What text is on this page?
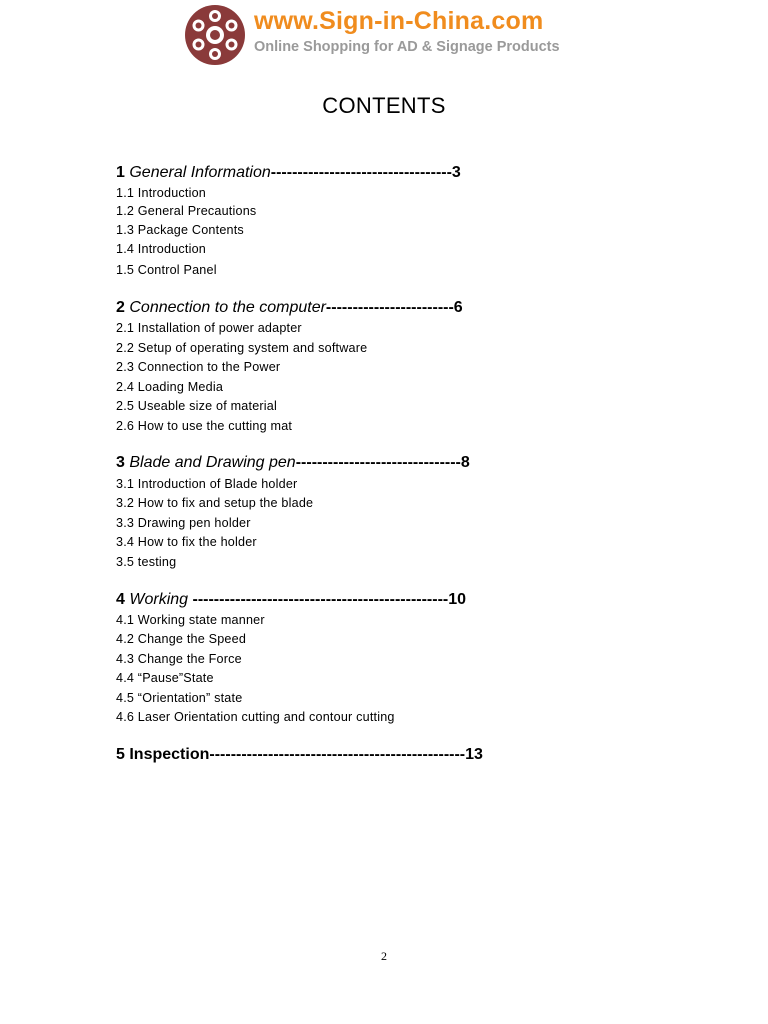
www.Sign-in-China.com
Online Shopping for AD & Signage Products
CONTENTS
1 General Information----------------------------------3
1.1 Introduction
1.2 General Precautions
1.3 Package Contents
1.4 Introduction
1.5 Control Panel
2 Connection to the computer------------------------6
2.1 Installation of power adapter
2.2 Setup of operating system and software
2.3 Connection to the Power
2.4 Loading Media
2.5 Useable size of material
2.6 How to use the cutting mat
3 Blade and Drawing pen-------------------------------8
3.1 Introduction of Blade holder
3.2 How to fix and setup the blade
3.3 Drawing pen holder
3.4 How to fix the holder
3.5 testing
4 Working ------------------------------------------------10
4.1 Working state manner
4.2 Change the Speed
4.3 Change the Force
4.4 “Pause”State
4.5 “Orientation” state
4.6 Laser Orientation cutting and contour cutting
5 Inspection------------------------------------------------13
2
